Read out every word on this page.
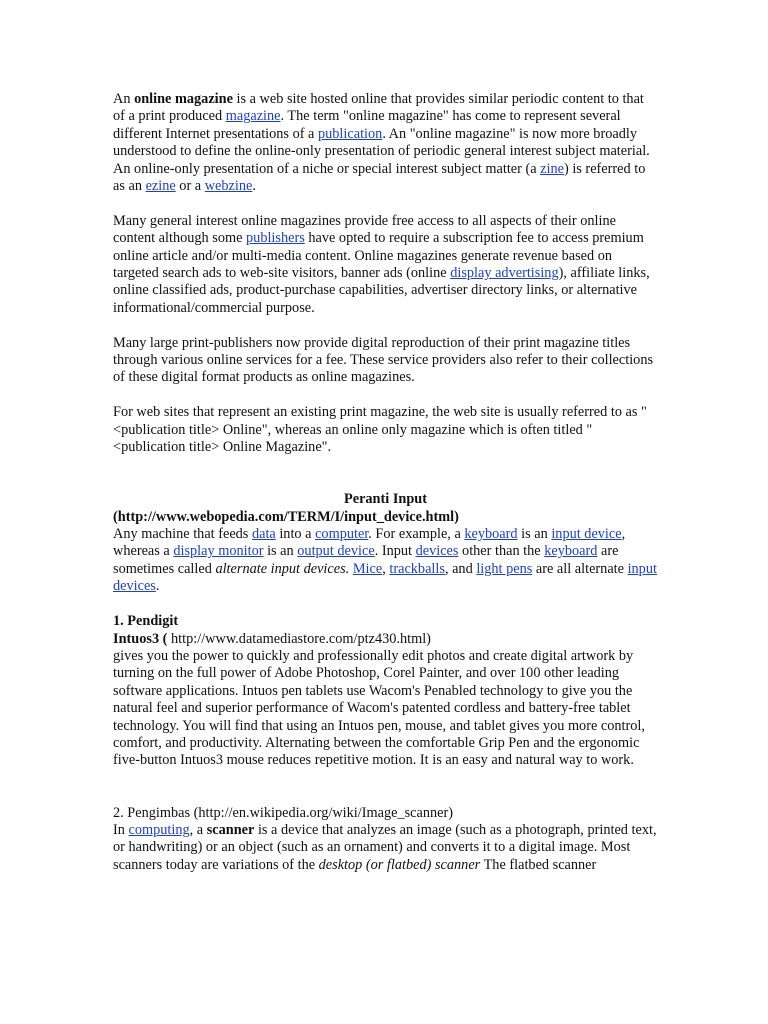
An online magazine is a web site hosted online that provides similar periodic content to that of a print produced magazine. The term "online magazine" has come to represent several different Internet presentations of a publication. An "online magazine" is now more broadly understood to define the online-only presentation of periodic general interest subject material. An online-only presentation of a niche or special interest subject matter (a zine) is referred to as an ezine or a webzine.

Many general interest online magazines provide free access to all aspects of their online content although some publishers have opted to require a subscription fee to access premium online article and/or multi-media content. Online magazines generate revenue based on targeted search ads to web-site visitors, banner ads (online display advertising), affiliate links, online classified ads, product-purchase capabilities, advertiser directory links, or alternative informational/commercial purpose.

Many large print-publishers now provide digital reproduction of their print magazine titles through various online services for a fee. These service providers also refer to their collections of these digital format products as online magazines.

For web sites that represent an existing print magazine, the web site is usually referred to as "<publication title> Online", whereas an online only magazine which is often titled "<publication title> Online Magazine".

Peranti Input
(http://www.webopedia.com/TERM/I/input_device.html)

Any machine that feeds data into a computer. For example, a keyboard is an input device, whereas a display monitor is an output device. Input devices other than the keyboard are sometimes called alternate input devices. Mice, trackballs, and light pens are all alternate input devices.

1. Pendigit
Intuos3 ( http://www.datamediastore.com/ptz430.html)

gives you the power to quickly and professionally edit photos and create digital artwork by turning on the full power of Adobe Photoshop, Corel Painter, and over 100 other leading software applications. Intuos pen tablets use Wacom's Penabled technology to give you the natural feel and superior performance of Wacom's patented cordless and battery-free tablet technology. You will find that using an Intuos pen, mouse, and tablet gives you more control, comfort, and productivity. Alternating between the comfortable Grip Pen and the ergonomic five-button Intuos3 mouse reduces repetitive motion. It is an easy and natural way to work.

2. Pengimbas (http://en.wikipedia.org/wiki/Image_scanner)

In computing, a scanner is a device that analyzes an image (such as a photograph, printed text, or handwriting) or an object (such as an ornament) and converts it to a digital image. Most scanners today are variations of the desktop (or flatbed) scanner The flatbed scanner
